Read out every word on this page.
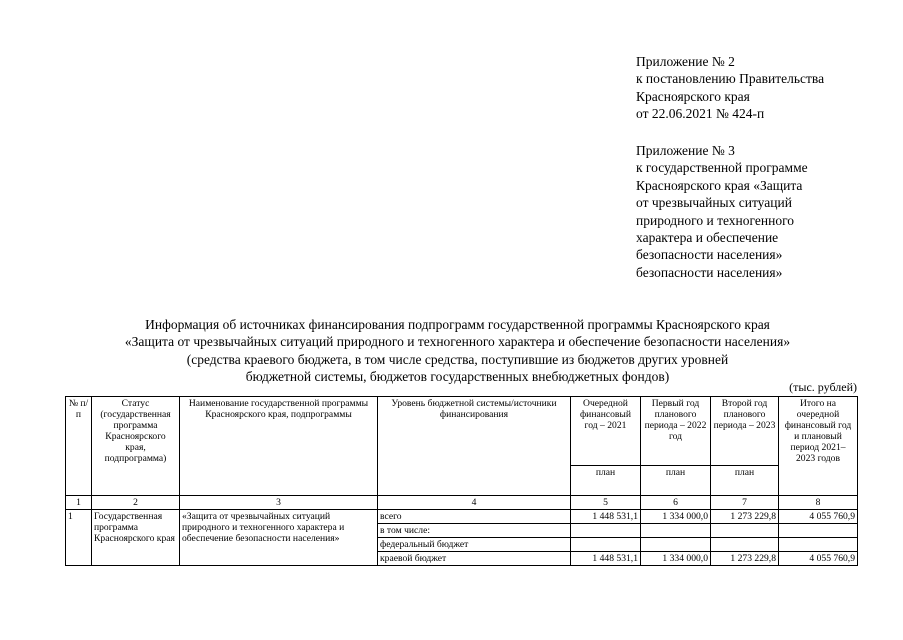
Приложение № 2
к постановлению Правительства
Красноярского края
от 22.06.2021 № 424-п
Приложение № 3
к государственной программе
Красноярского края «Защита
от чрезвычайных ситуаций
природного и техногенного
характера и обеспечение
безопасности населения»
безопасности населения»
Информация об источниках финансирования подпрограмм государственной программы Красноярского края
«Защита от чрезвычайных ситуаций природного и техногенного характера и обеспечение безопасности населения»
(средства краевого бюджета, в том числе средства, поступившие из бюджетов других уровней
бюджетной системы, бюджетов государственных внебюджетных фондов)
(тыс. рублей)
№ п/п	Статус (государственная программа Красноярского края, подпрограмма)	Наименование государственной программы Красноярского края, подпрограммы	Уровень бюджетной системы/источники финансирования	Очередной финансовый год – 2021	Первый год планового периода – 2022 год	Второй год планового периода – 2023	Итого на очередной финансовый год и плановый период 2021–2023 годов
				план	план	план	
1	2	3	4	5	6	7	8
1	Государственная программа Красноярского края	«Защита от чрезвычайных ситуаций природного и техногенного характера и обеспечение безопасности населения»	всего	1 448 531,1	1 334 000,0	1 273 229,8	4 055 760,9
			в том числе:				
			федеральный бюджет				
			краевой бюджет	1 448 531,1	1 334 000,0	1 273 229,8	4 055 760,9
